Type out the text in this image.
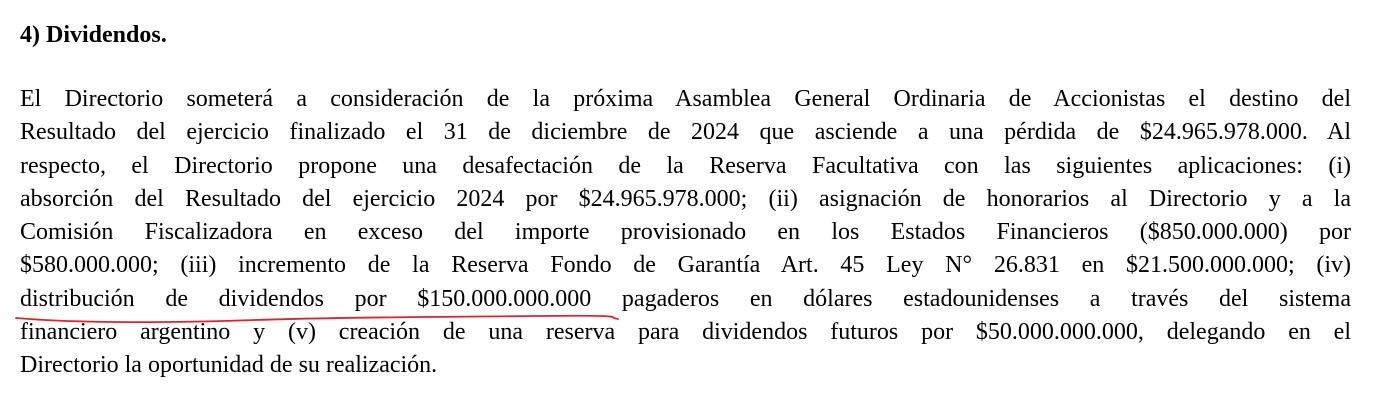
4) Dividendos.

El Directorio someterá a consideración de la próxima Asamblea General Ordinaria de Accionistas el destino del
Resultado del ejercicio finalizado el 31 de diciembre de 2024 que asciende a una pérdida de $24.965.978.000. Al
respecto, el Directorio propone una desafectación de la Reserva Facultativa con las siguientes aplicaciones: (i)
absorción del Resultado del ejercicio 2024 por $24.965.978.000; (ii) asignación de honorarios al Directorio y a la
Comisión Fiscalizadora en exceso del importe provisionado en los Estados Financieros ($850.000.000) por
$580.000.000; (iii) incremento de la Reserva Fondo de Garantía Art. 45 Ley N° 26.831 en $21.500.000.000; (iv)
distribución de dividendos por $150.000.000.000
pagaderos en dólares estadounidenses a través del sistema
financiero argentino y (v) creación de una reserva para dividendos futuros por $50.000.000.000, delegando en el
Directorio la oportunidad de su realización.
